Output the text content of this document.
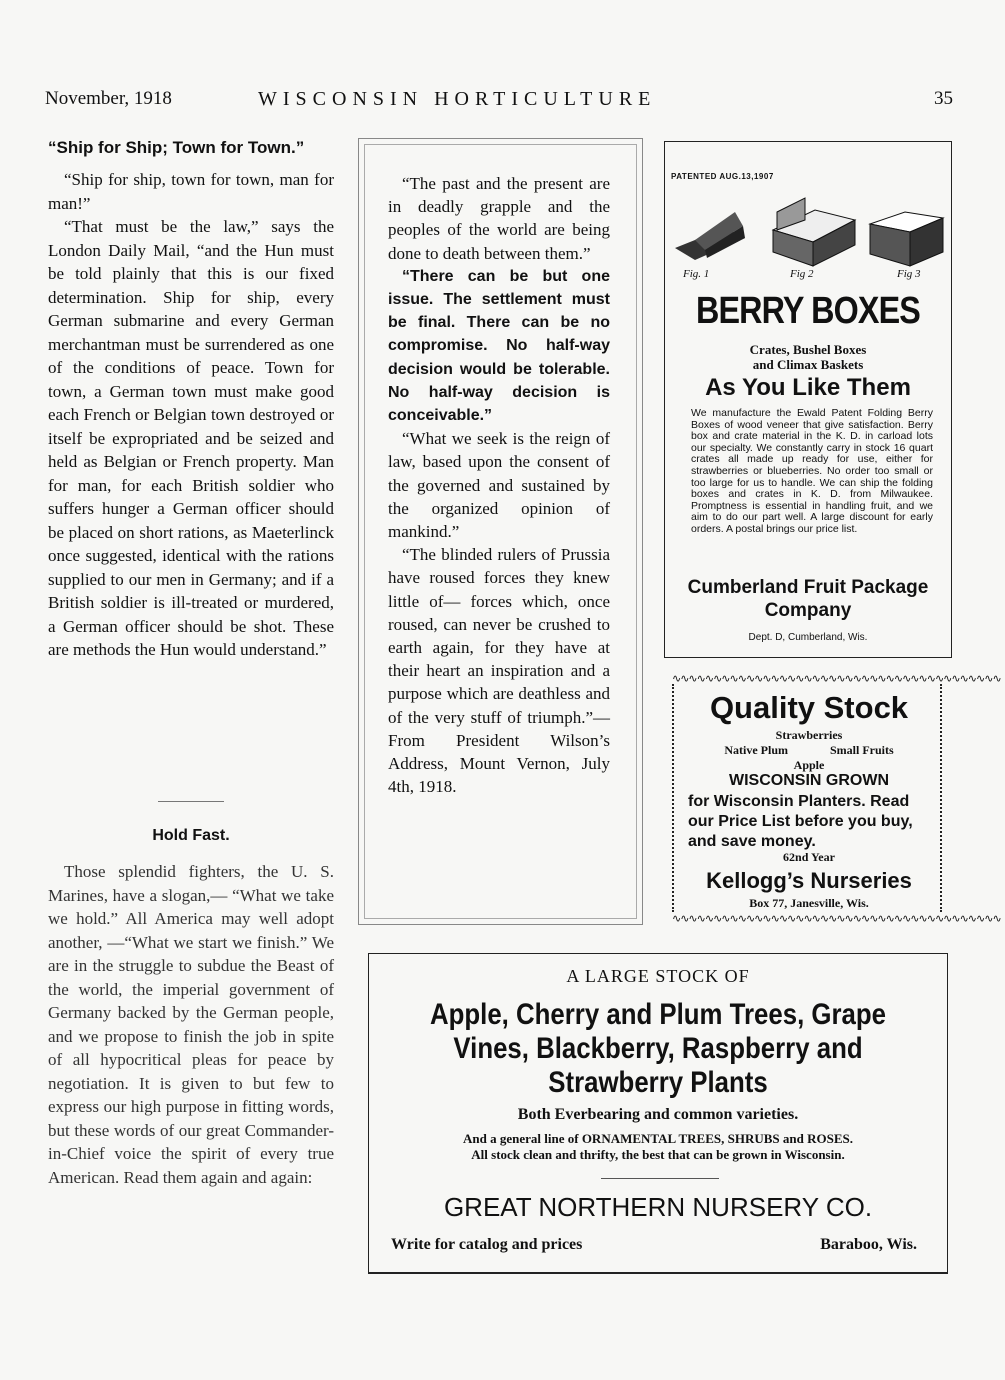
November, 1918	WISCONSIN HORTICULTURE	35
“Ship for Ship; Town for Town.”

“Ship for ship, town for town, man for man!”

“That must be the law,” says the London Daily Mail, “and the Hun must be told plainly that this is our fixed determination. Ship for ship, every German submarine and every German merchantman must be surrendered as one of the conditions of peace. Town for town, a German town must make good each French or Belgian town destroyed or itself be expropriated and be seized and held as Belgian or French property. Man for man, for each British soldier who suffers hunger a German officer should be placed on short rations, as Maeterlinck once suggested, identical with the rations supplied to our men in Germany; and if a British soldier is ill-treated or murdered, a German officer should be shot. These are methods the Hun would understand.”

Hold Fast.

Those splendid fighters, the U. S. Marines, have a slogan,— “What we take we hold.” All America may well adopt another, —“What we start we finish.” We are in the struggle to subdue the Beast of the world, the imperial government of Germany backed by the German people, and we propose to finish the job in spite of all hypocritical pleas for peace by negotiation. It is given to but few to express our high purpose in fitting words, but these words of our great Commander-in-Chief voice the spirit of every true American. Read them again and again:

“The past and the present are in deadly grapple and the peoples of the world are being done to death between them.”

“There can be but one issue. The settlement must be final. There can be no compromise. No half-way decision would be tolerable. No half-way decision is conceivable.”

“What we seek is the reign of law, based upon the consent of the governed and sustained by the organized opinion of mankind.”

“The blinded rulers of Prussia have roused forces they knew little of— forces which, once roused, can never be crushed to earth again, for they have at their heart an inspiration and a purpose which are deathless and of the very stuff of triumph.”— From President Wilson’s Address, Mount Vernon, July 4th, 1918.

PATENTED AUG.13,1907
Fig. 1	Fig 2	Fig 3
BERRY BOXES
Crates, Bushel Boxes
and Climax Baskets
As You Like Them
We manufacture the Ewald Patent Folding Berry Boxes of wood veneer that give satisfaction. Berry box and crate material in the K. D. in carload lots our specialty. We constantly carry in stock 16 quart crates all made up ready for use, either for strawberries or blueberries. No order too small or too large for us to handle. We can ship the folding boxes and crates in K. D. from Milwaukee. Promptness is essential in handling fruit, and we aim to do our part well. A large discount for early orders. A postal brings our price list.
Cumberland Fruit Package
Company
Dept. D, Cumberland, Wis.
∿∿∿∿∿∿∿∿∿∿∿∿∿∿∿∿∿∿∿∿∿∿∿∿∿∿∿∿∿∿∿∿∿∿∿∿∿∿∿∿
Quality Stock
Strawberries
Native Plum	Small Fruits
Apple
WISCONSIN GROWN
for Wisconsin Planters. Read our Price List before you buy, and save money.
62nd Year
Kellogg’s Nurseries
Box 77, Janesville, Wis.
∿∿∿∿∿∿∿∿∿∿∿∿∿∿∿∿∿∿∿∿∿∿∿∿∿∿∿∿∿∿∿∿∿∿∿∿∿∿∿∿
A LARGE STOCK OF
Apple, Cherry and Plum Trees, Grape Vines, Blackberry, Raspberry and Strawberry Plants
Both Everbearing and common varieties.
And a general line of ORNAMENTAL TREES, SHRUBS and ROSES.
All stock clean and thrifty, the best that can be grown in Wisconsin.
GREAT NORTHERN NURSERY CO.
Write for catalog and prices	Baraboo, Wis.
